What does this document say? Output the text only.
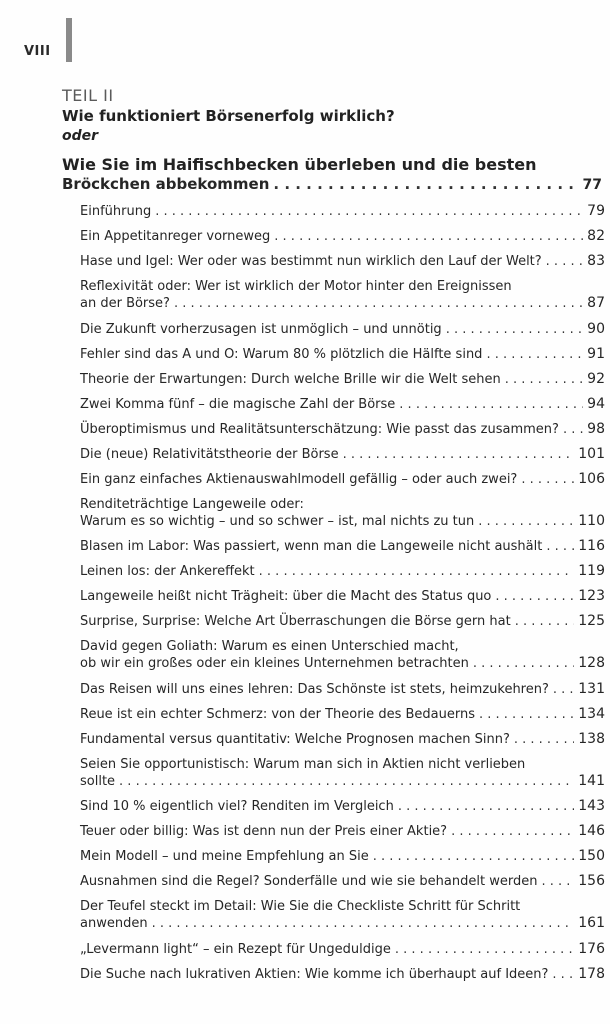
VIII
TEIL II
Wie funktioniert Börsenerfolg wirklich?
oder
Wie Sie im Haifischbecken überleben und die besten
Bröckchen abbekommen . . .	77
Einführung . . .	79
Ein Appetitanreger vorneweg . . .	82
Hase und Igel: Wer oder was bestimmt nun wirklich den Lauf der Welt? . . .	83
Reflexivität oder: Wer ist wirklich der Motor hinter den Ereignissen
an der Börse? . . .	87
Die Zukunft vorherzusagen ist unmöglich – und unnötig . . .	90
Fehler sind das A und O: Warum 80 % plötzlich die Hälfte sind . . .	91
Theorie der Erwartungen: Durch welche Brille wir die Welt sehen . . .	92
Zwei Komma fünf – die magische Zahl der Börse . . .	94
Überoptimismus und Realitätsunterschätzung: Wie passt das zusammen? . . . 98
Die (neue) Relativitätstheorie der Börse . . .	101
Ein ganz einfaches Aktienauswahlmodell gefällig – oder auch zwei? . . .	106
Renditeträchtige Langeweile oder:
Warum es so wichtig – und so schwer – ist, mal nichts zu tun . . .	110
Blasen im Labor: Was passiert, wenn man die Langeweile nicht aushält . . .	116
Leinen los: der Ankereffekt . . .	119
Langeweile heißt nicht Trägheit: über die Macht des Status quo . . .	123
Surprise, Surprise: Welche Art Überraschungen die Börse gern hat . . .	125
David gegen Goliath: Warum es einen Unterschied macht,
ob wir ein großes oder ein kleines Unternehmen betrachten . . .	128
Das Reisen will uns eines lehren: Das Schönste ist stets, heimzukehren? . . . 131
Reue ist ein echter Schmerz: von der Theorie des Bedauerns . . .	134
Fundamental versus quantitativ: Welche Prognosen machen Sinn? . . .	138
Seien Sie opportunistisch: Warum man sich in Aktien nicht verlieben
sollte . . .	141
Sind 10 % eigentlich viel? Renditen im Vergleich . . .	143
Teuer oder billig: Was ist denn nun der Preis einer Aktie? . . .	146
Mein Modell – und meine Empfehlung an Sie . . .	150
Ausnahmen sind die Regel? Sonderfälle und wie sie behandelt werden . . .	156
Der Teufel steckt im Detail: Wie Sie die Checkliste Schritt für Schritt
anwenden . . .	161
„Levermann light“ – ein Rezept für Ungeduldige . . .	176
Die Suche nach lukrativen Aktien: Wie komme ich überhaupt auf Ideen? . . . 178
